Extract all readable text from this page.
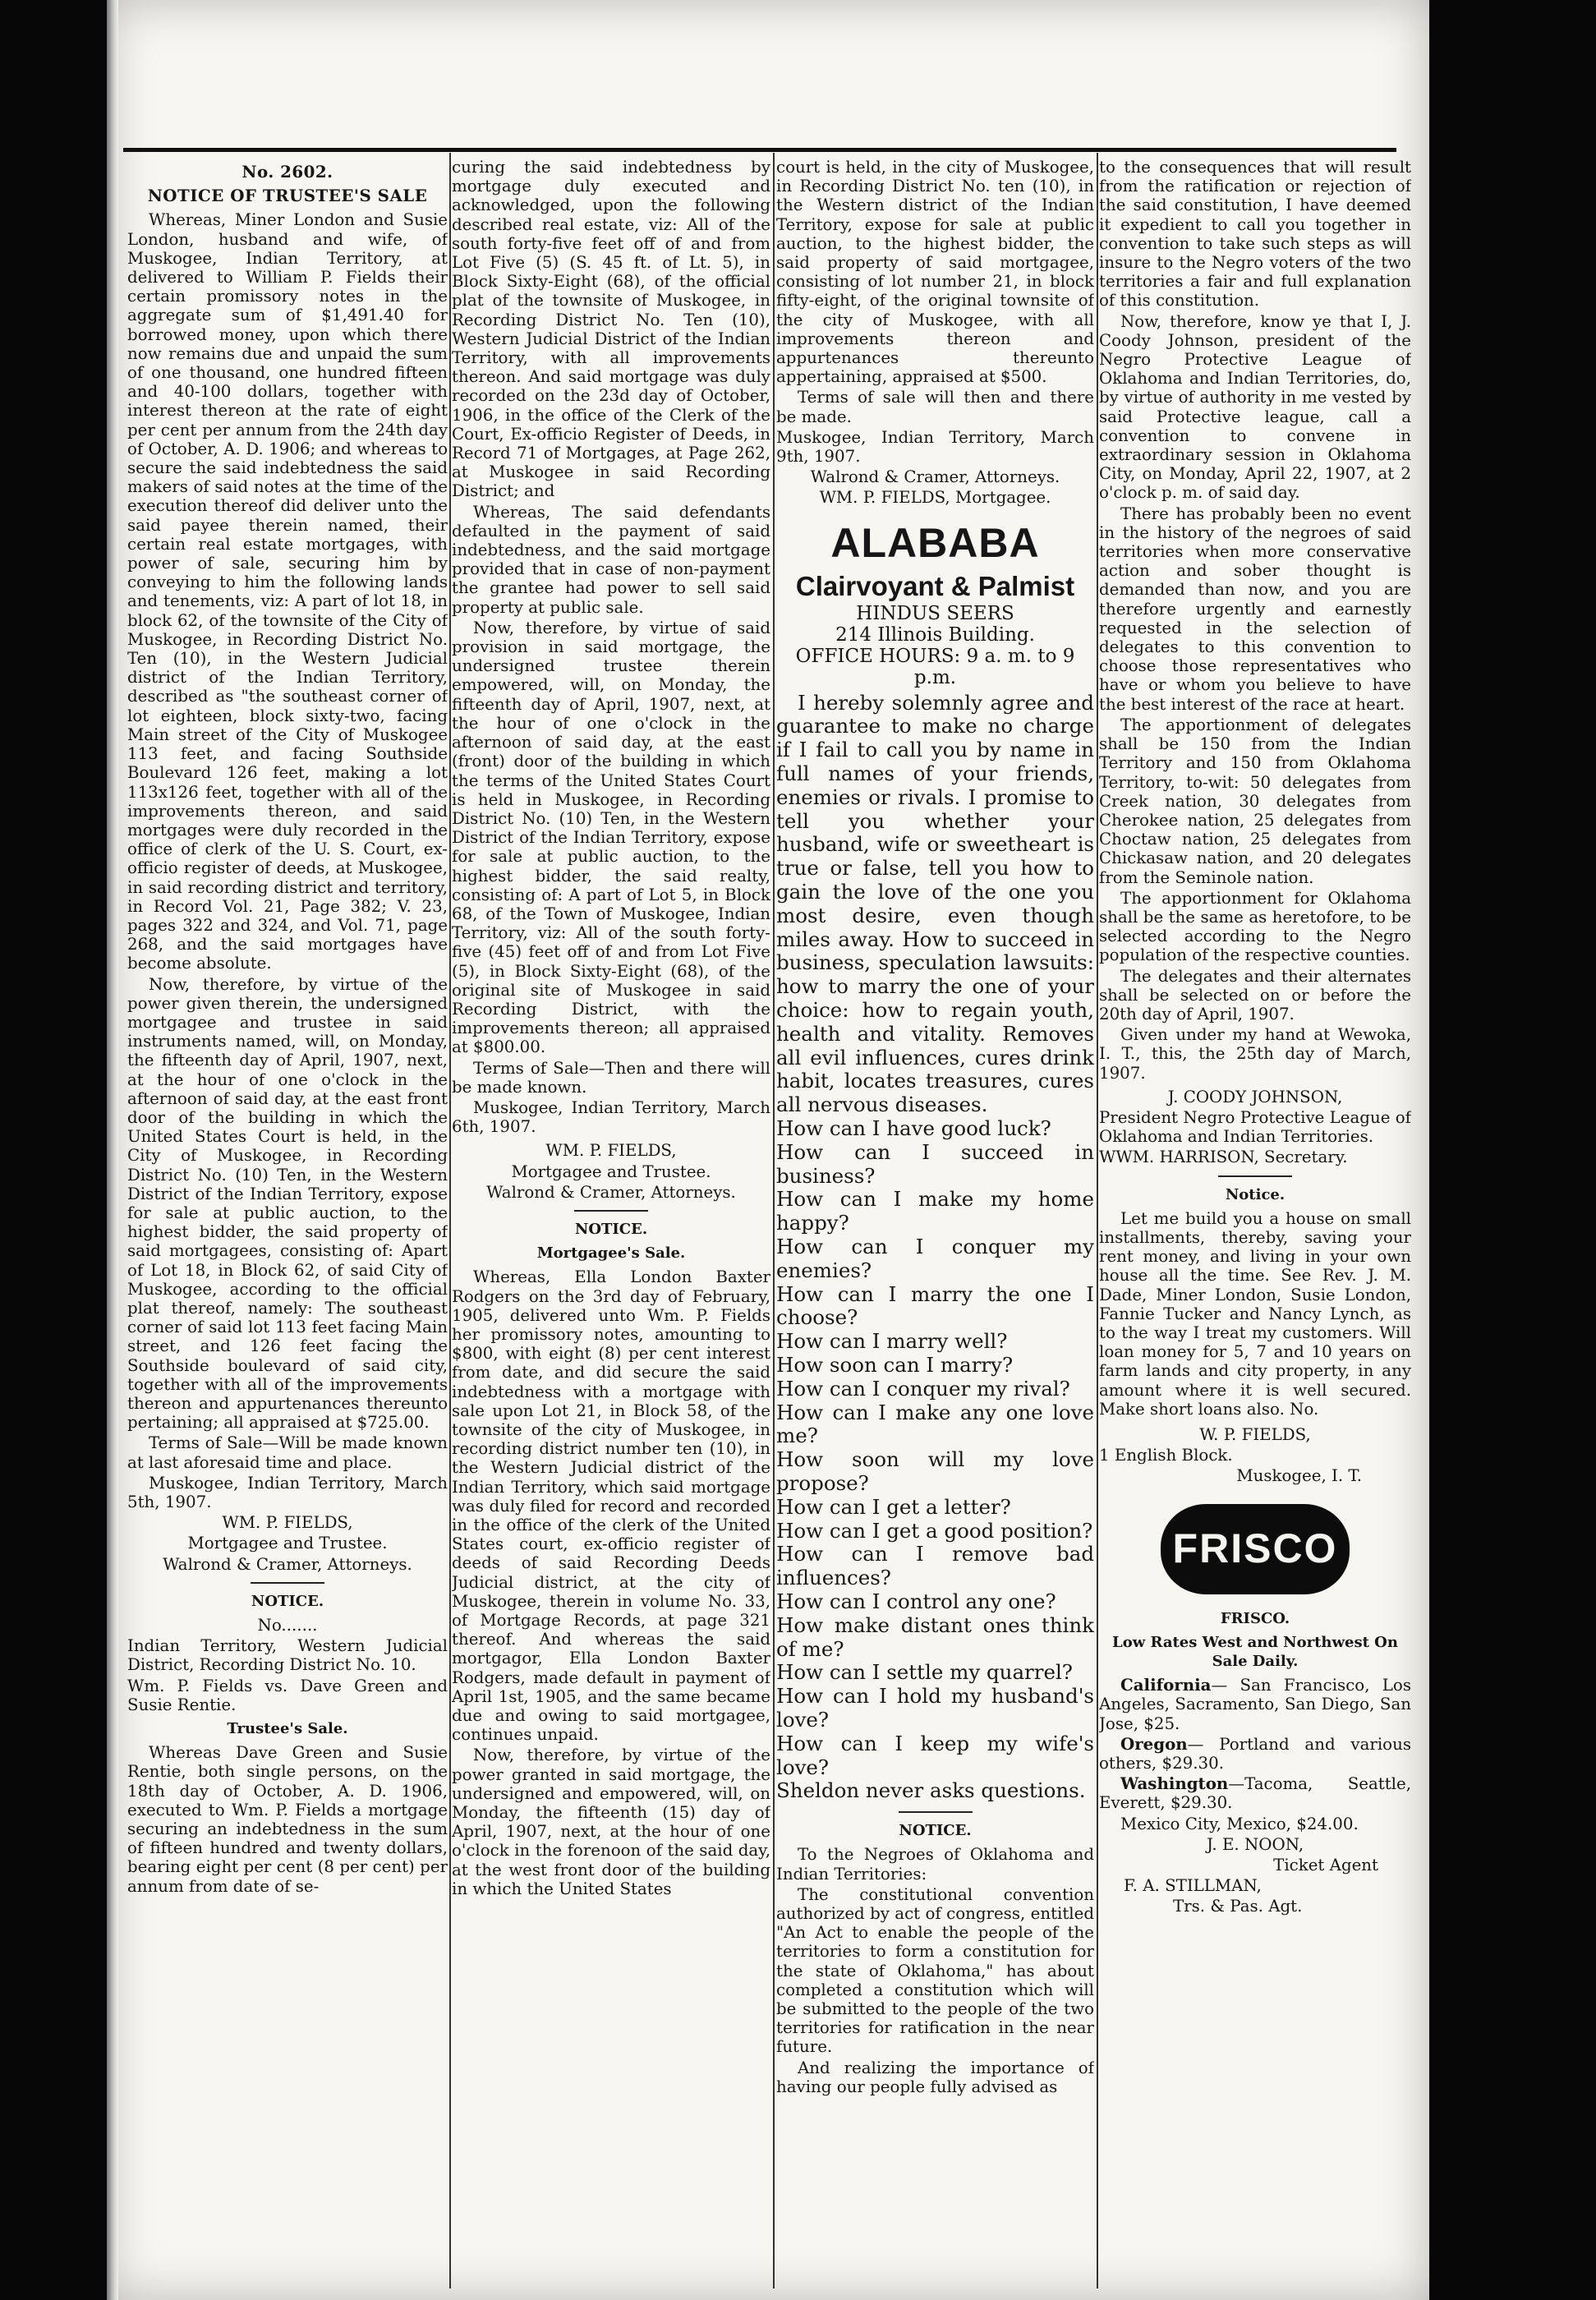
No. 2602.
NOTICE OF TRUSTEE'S SALE

Whereas, Miner London and Susie London, husband and wife, of Muskogee, Indian Territory, at delivered to William P. Fields their certain promissory notes in the aggregate sum of $1,491.40 for borrowed money, upon which there now remains due and unpaid the sum of one thousand, one hundred fifteen and 40-100 dollars, together with interest thereon at the rate of eight per cent per annum from the 24th day of October, A. D. 1906; and whereas to secure the said indebtedness the said makers of said notes at the time of the execution thereof did deliver unto the said payee therein named, their certain real estate mortgages, with power of sale, securing him by conveying to him the following lands and tenements, viz: A part of lot 18, in block 62, of the townsite of the City of Muskogee, in Recording District No. Ten (10), in the Western Judicial district of the Indian Territory, described as "the southeast corner of lot eighteen, block sixty-two, facing Main street of the City of Muskogee 113 feet, and facing Southside Boulevard 126 feet, making a lot 113x126 feet, together with all of the improvements thereon, and said mortgages were duly recorded in the office of clerk of the U. S. Court, ex-officio register of deeds, at Muskogee, in said recording district and territory, in Record Vol. 21, Page 382; V. 23, pages 322 and 324, and Vol. 71, page 268, and the said mortgages have become absolute.

Now, therefore, by virtue of the power given therein, the undersigned mortgagee and trustee in said instruments named, will, on Monday, the fifteenth day of April, 1907, next, at the hour of one o'clock in the afternoon of said day, at the east front door of the building in which the United States Court is held, in the City of Muskogee, in Recording District No. (10) Ten, in the Western District of the Indian Territory, expose for sale at public auction, to the highest bidder, the said property of said mortgagees, consisting of: Apart of Lot 18, in Block 62, of said City of Muskogee, according to the official plat thereof, namely: The southeast corner of said lot 113 feet facing Main street, and 126 feet facing the Southside boulevard of said city, together with all of the improvements thereon and appurtenances thereunto pertaining; all appraised at $725.00.

Terms of Sale—Will be made known at last aforesaid time and place.

Muskogee, Indian Territory, March 5th, 1907.

WM. P. FIELDS,

Mortgagee and Trustee.

Walrond & Cramer, Attorneys.

NOTICE.

No.......

Indian Territory, Western Judicial District, Recording District No. 10.

Wm. P. Fields vs. Dave Green and Susie Rentie.

Trustee's Sale.

Whereas Dave Green and Susie Rentie, both single persons, on the 18th day of October, A. D. 1906, executed to Wm. P. Fields a mortgage securing an indebtedness in the sum of fifteen hundred and twenty dollars, bearing eight per cent (8 per cent) per annum from date of se-

curing the said indebtedness by mortgage duly executed and acknowledged, upon the following described real estate, viz: All of the south forty-five feet off of and from Lot Five (5) (S. 45 ft. of Lt. 5), in Block Sixty-Eight (68), of the official plat of the townsite of Muskogee, in Recording District No. Ten (10), Western Judicial District of the Indian Territory, with all improvements thereon. And said mortgage was duly recorded on the 23d day of October, 1906, in the office of the Clerk of the Court, Ex-officio Register of Deeds, in Record 71 of Mortgages, at Page 262, at Muskogee in said Recording District; and

Whereas, The said defendants defaulted in the payment of said indebtedness, and the said mortgage provided that in case of non-payment the grantee had power to sell said property at public sale.

Now, therefore, by virtue of said provision in said mortgage, the undersigned trustee therein empowered, will, on Monday, the fifteenth day of April, 1907, next, at the hour of one o'clock in the afternoon of said day, at the east (front) door of the building in which the terms of the United States Court is held in Muskogee, in Recording District No. (10) Ten, in the Western District of the Indian Territory, expose for sale at public auction, to the highest bidder, the said realty, consisting of: A part of Lot 5, in Block 68, of the Town of Muskogee, Indian Territory, viz: All of the south forty-five (45) feet off of and from Lot Five (5), in Block Sixty-Eight (68), of the original site of Muskogee in said Recording District, with the improvements thereon; all appraised at $800.00.

Terms of Sale—Then and there will be made known.

Muskogee, Indian Territory, March 6th, 1907.

WM. P. FIELDS,

Mortgagee and Trustee.

Walrond & Cramer, Attorneys.

NOTICE.
Mortgagee's Sale.

Whereas, Ella London Baxter Rodgers on the 3rd day of February, 1905, delivered unto Wm. P. Fields her promissory notes, amounting to $800, with eight (8) per cent interest from date, and did secure the said indebtedness with a mortgage with sale upon Lot 21, in Block 58, of the townsite of the city of Muskogee, in recording district number ten (10), in the Western Judicial district of the Indian Territory, which said mortgage was duly filed for record and recorded in the office of the clerk of the United States court, ex-officio register of deeds of said Recording Deeds Judicial district, at the city of Muskogee, therein in volume No. 33, of Mortgage Records, at page 321 thereof. And whereas the said mortgagor, Ella London Baxter Rodgers, made default in payment of April 1st, 1905, and the same became due and owing to said mortgagee, continues unpaid.

Now, therefore, by virtue of the power granted in said mortgage, the undersigned and empowered, will, on Monday, the fifteenth (15) day of April, 1907, next, at the hour of one o'clock in the forenoon of the said day, at the west front door of the building in which the United States

court is held, in the city of Muskogee, in Recording District No. ten (10), in the Western district of the Indian Territory, expose for sale at public auction, to the highest bidder, the said property of said mortgagee, consisting of lot number 21, in block fifty-eight, of the original townsite of the city of Muskogee, with all improvements thereon and appurtenances thereunto appertaining, appraised at $500.

Terms of sale will then and there be made.

Muskogee, Indian Territory, March 9th, 1907.

Walrond & Cramer, Attorneys.

WM. P. FIELDS, Mortgagee.

ALABABA
Clairvoyant & Palmist
HINDUS SEERS
214 Illinois Building.
OFFICE HOURS: 9 a. m. to 9 p.m.

I hereby solemnly agree and guarantee to make no charge if I fail to call you by name in full names of your friends, enemies or rivals. I promise to tell you whether your husband, wife or sweetheart is true or false, tell you how to gain the love of the one you most desire, even though miles away. How to succeed in business, speculation lawsuits: how to marry the one of your choice: how to regain youth, health and vitality. Removes all evil influences, cures drink habit, locates treasures, cures all nervous diseases.

How can I have good luck?

How can I succeed in business?

How can I make my home happy?

How can I conquer my enemies?

How can I marry the one I choose?

How can I marry well?

How soon can I marry?

How can I conquer my rival?

How can I make any one love me?

How soon will my love propose?

How can I get a letter?

How can I get a good position?

How can I remove bad influences?

How can I control any one?

How make distant ones think of me?

How can I settle my quarrel?

How can I hold my husband's love?

How can I keep my wife's love?

Sheldon never asks questions.

NOTICE.

To the Negroes of Oklahoma and Indian Territories:

The constitutional convention authorized by act of congress, entitled "An Act to enable the people of the territories to form a constitution for the state of Oklahoma," has about completed a constitution which will be submitted to the people of the two territories for ratification in the near future.

And realizing the importance of having our people fully advised as

to the consequences that will result from the ratification or rejection of the said constitution, I have deemed it expedient to call you together in convention to take such steps as will insure to the Negro voters of the two territories a fair and full explanation of this constitution.

Now, therefore, know ye that I, J. Coody Johnson, president of the Negro Protective League of Oklahoma and Indian Territories, do, by virtue of authority in me vested by said Protective league, call a convention to convene in extraordinary session in Oklahoma City, on Monday, April 22, 1907, at 2 o'clock p. m. of said day.

There has probably been no event in the history of the negroes of said territories when more conservative action and sober thought is demanded than now, and you are therefore urgently and earnestly requested in the selection of delegates to this convention to choose those representatives who have or whom you believe to have the best interest of the race at heart.

The apportionment of delegates shall be 150 from the Indian Territory and 150 from Oklahoma Territory, to-wit: 50 delegates from Creek nation, 30 delegates from Cherokee nation, 25 delegates from Choctaw nation, 25 delegates from Chickasaw nation, and 20 delegates from the Seminole nation.

The apportionment for Oklahoma shall be the same as heretofore, to be selected according to the Negro population of the respective counties.

The delegates and their alternates shall be selected on or before the 20th day of April, 1907.

Given under my hand at Wewoka, I. T., this, the 25th day of March, 1907.

J. COODY JOHNSON,

President Negro Protective League of Oklahoma and Indian Territories.

WWM. HARRISON, Secretary.

Notice.

Let me build you a house on small installments, thereby, saving your rent money, and living in your own house all the time. See Rev. J. M. Dade, Miner London, Susie London, Fannie Tucker and Nancy Lynch, as to the way I treat my customers. Will loan money for 5, 7 and 10 years on farm lands and city property, in any amount where it is well secured. Make short loans also. No.

W. P. FIELDS,

1 English Block.

Muskogee, I. T.

FRISCO
FRISCO.
Low Rates West and Northwest On Sale Daily.

California— San Francisco, Los Angeles, Sacramento, San Diego, San Jose, $25.

Oregon— Portland and various others, $29.30.

Washington—Tacoma, Seattle, Everett, $29.30.

Mexico City, Mexico, $24.00.

J. E. NOON,

Ticket Agent

F. A. STILLMAN,

Trs. & Pas. Agt.
